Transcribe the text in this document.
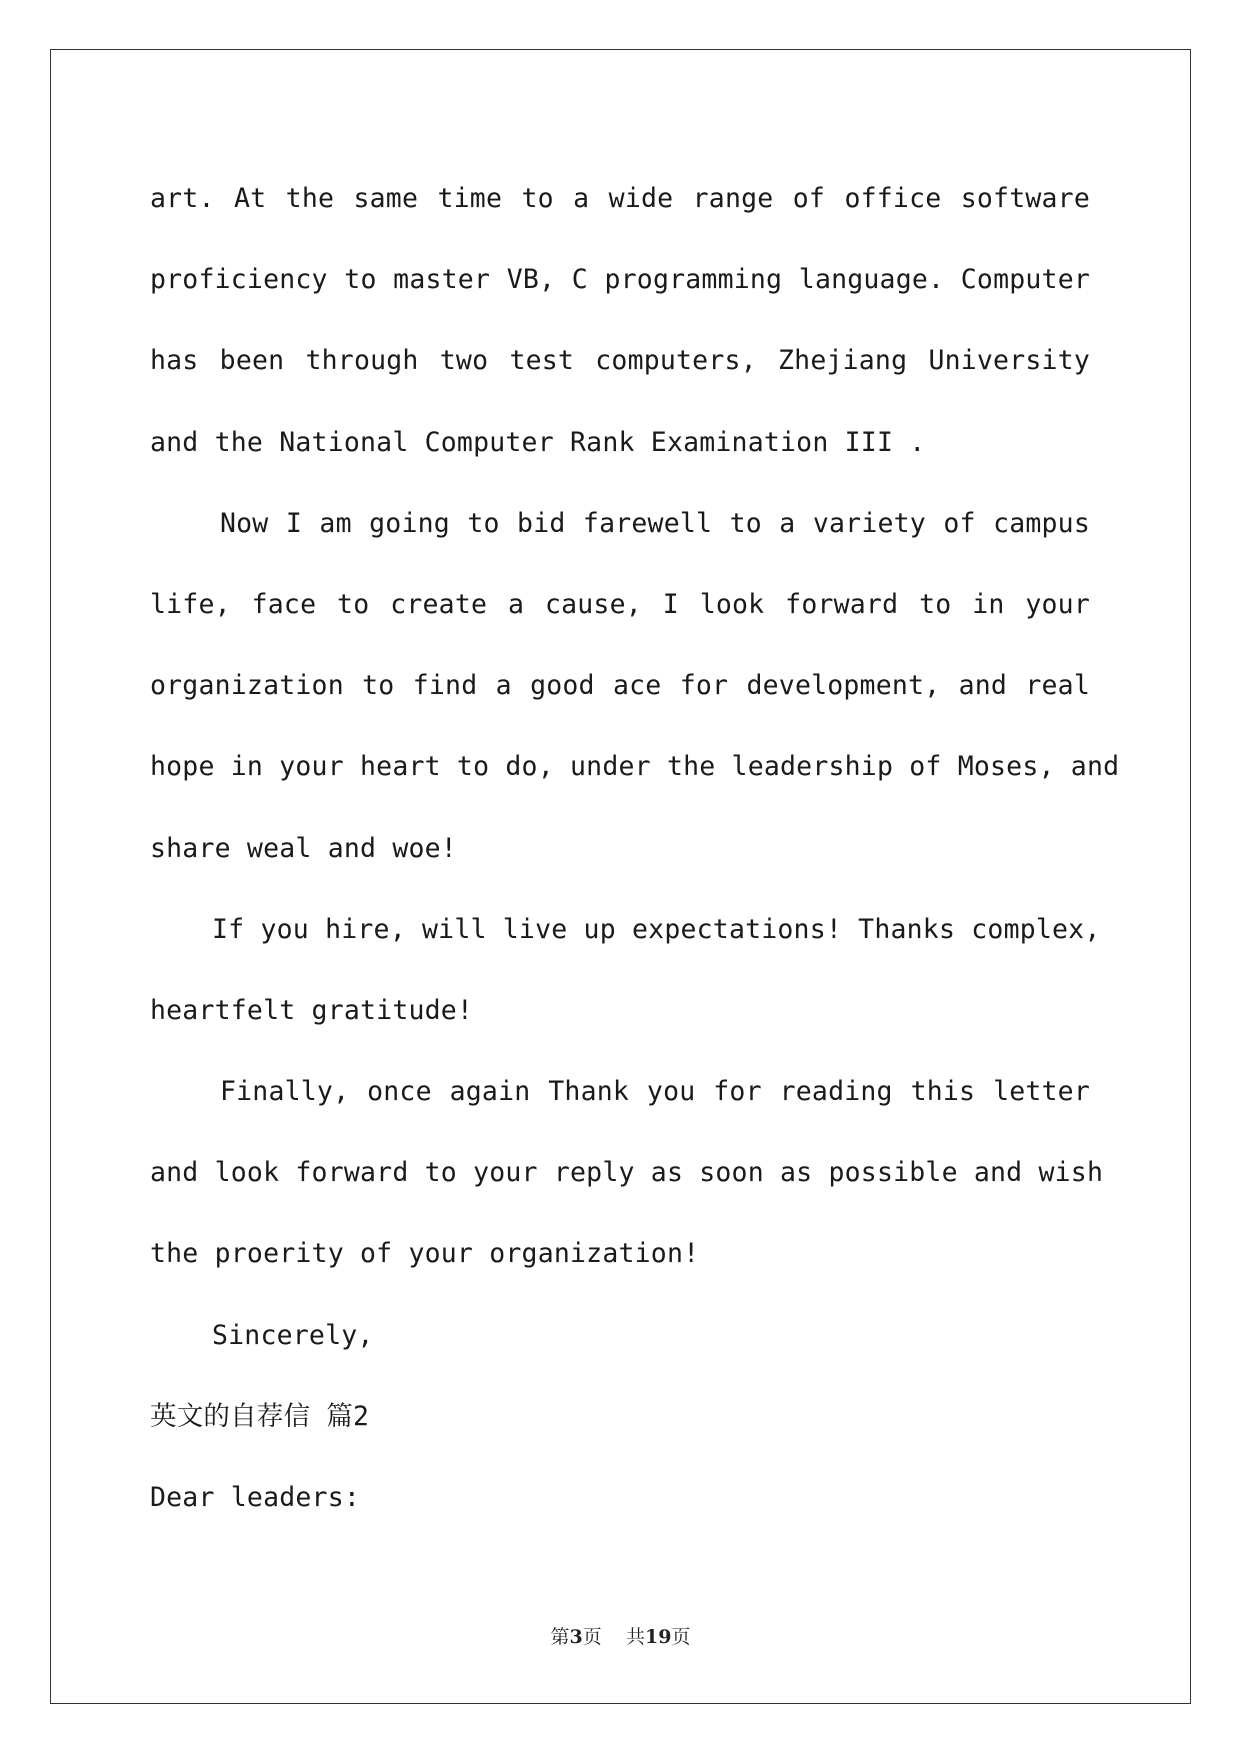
art. At the same time to a wide range of office software
proficiency to master VB, C programming language. Computer
has been through two test computers, Zhejiang University
and the National Computer Rank Examination III .
Now I am going to bid farewell to a variety of campus
life, face to create a cause, I look forward to in your
organization to find a good ace for development, and real
hope in your heart to do, under the leadership of Moses, and
share weal and woe!
If you hire, will live up expectations! Thanks complex,
heartfelt gratitude!
Finally, once again Thank you for reading this letter
and look forward to your reply as soon as possible and wish
the proerity of your organization!
Sincerely,
英文的自荐信 篇2
Dear leaders:
第3页 共19页
